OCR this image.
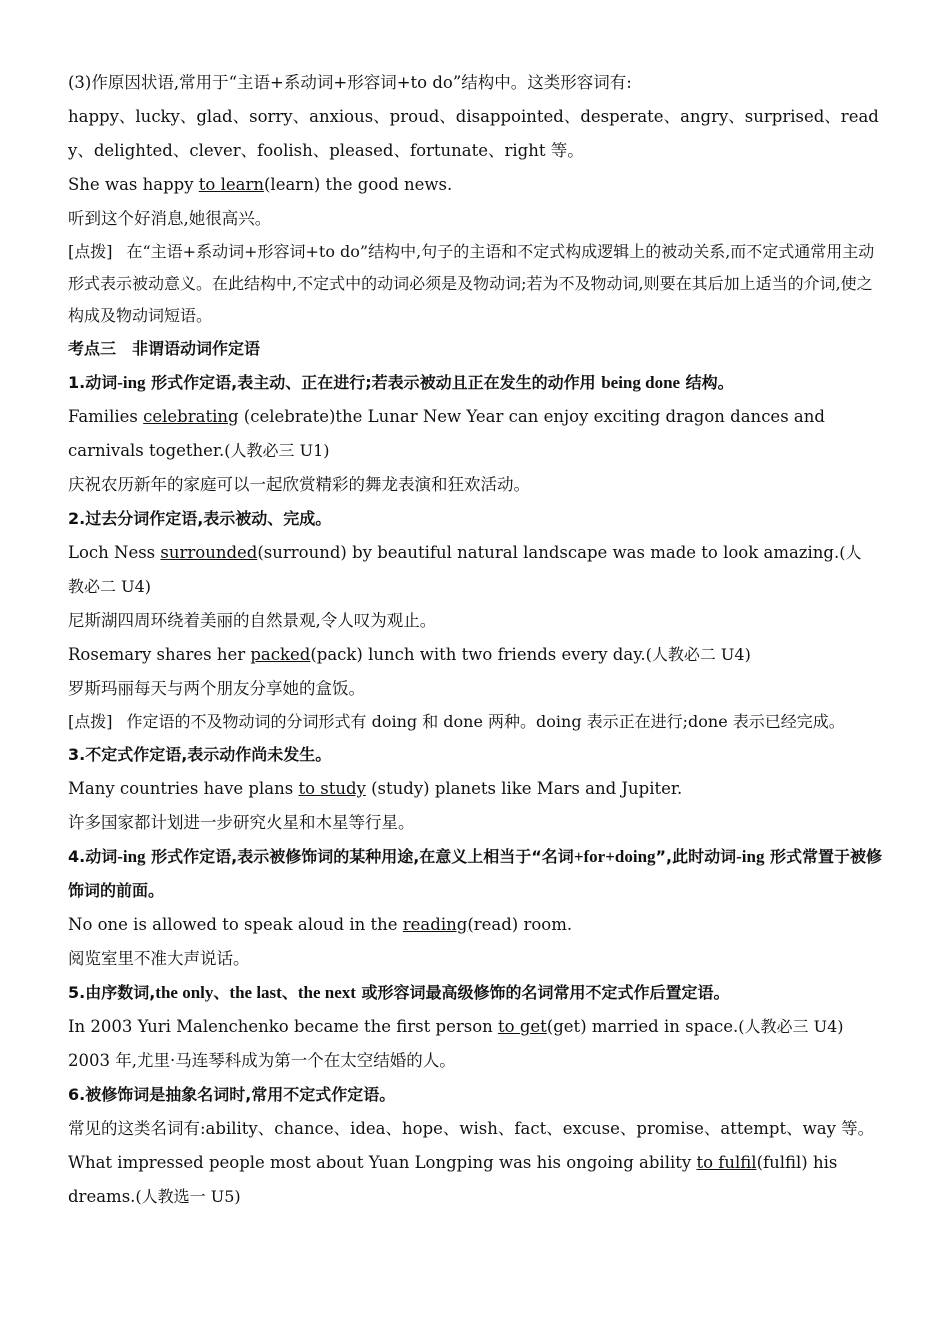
(3)作原因状语,常用于“主语+系动词+形容词+to do”结构中。这类形容词有:
happy、lucky、glad、sorry、anxious、proud、disappointed、desperate、angry、surprised、ready、delighted、clever、foolish、pleased、fortunate、right 等。
She was happy to learn(learn) the good news.
听到这个好消息,她很高兴。
[点拨] 在“主语+系动词+形容词+to do”结构中,句子的主语和不定式构成逻辑上的被动关系,而不定式通常用主动形式表示被动意义。在此结构中,不定式中的动词必须是及物动词;若为不及物动词,则要在其后加上适当的介词,使之构成及物动词短语。
考点三　非谓语动词作定语
1.动词-ing 形式作定语,表主动、正在进行;若表示被动且正在发生的动作用 being done 结构。
Families celebrating (celebrate)the Lunar New Year can enjoy exciting dragon dances and carnivals together.(人教必三 U1)
庆祝农历新年的家庭可以一起欣赏精彩的舞龙表演和狂欢活动。
2.过去分词作定语,表示被动、完成。
Loch Ness surrounded(surround) by beautiful natural landscape was made to look amazing.(人教必二 U4)
尼斯湖四周环绕着美丽的自然景观,令人叹为观止。
Rosemary shares her packed(pack) lunch with two friends every day.(人教必二 U4)
罗斯玛丽每天与两个朋友分享她的盒饭。
[点拨] 作定语的不及物动词的分词形式有 doing 和 done 两种。doing 表示正在进行;done 表示已经完成。
3.不定式作定语,表示动作尚未发生。
Many countries have plans to study (study) planets like Mars and Jupiter.
许多国家都计划进一步研究火星和木星等行星。
4.动词-ing 形式作定语,表示被修饰词的某种用途,在意义上相当于“名词+for+doing”,此时动词-ing 形式常置于被修饰词的前面。
No one is allowed to speak aloud in the reading(read) room.
阅览室里不准大声说话。
5.由序数词,the only、the last、the next 或形容词最高级修饰的名词常用不定式作后置定语。
In 2003 Yuri Malenchenko became the first person to get(get) married in space.(人教必三 U4)
2003 年,尤里·马连琴科成为第一个在太空结婚的人。
6.被修饰词是抽象名词时,常用不定式作定语。
常见的这类名词有:ability、chance、idea、hope、wish、fact、excuse、promise、attempt、way 等。
What impressed people most about Yuan Longping was his ongoing ability to fulfil(fulfil) his dreams.(人教选一 U5)
